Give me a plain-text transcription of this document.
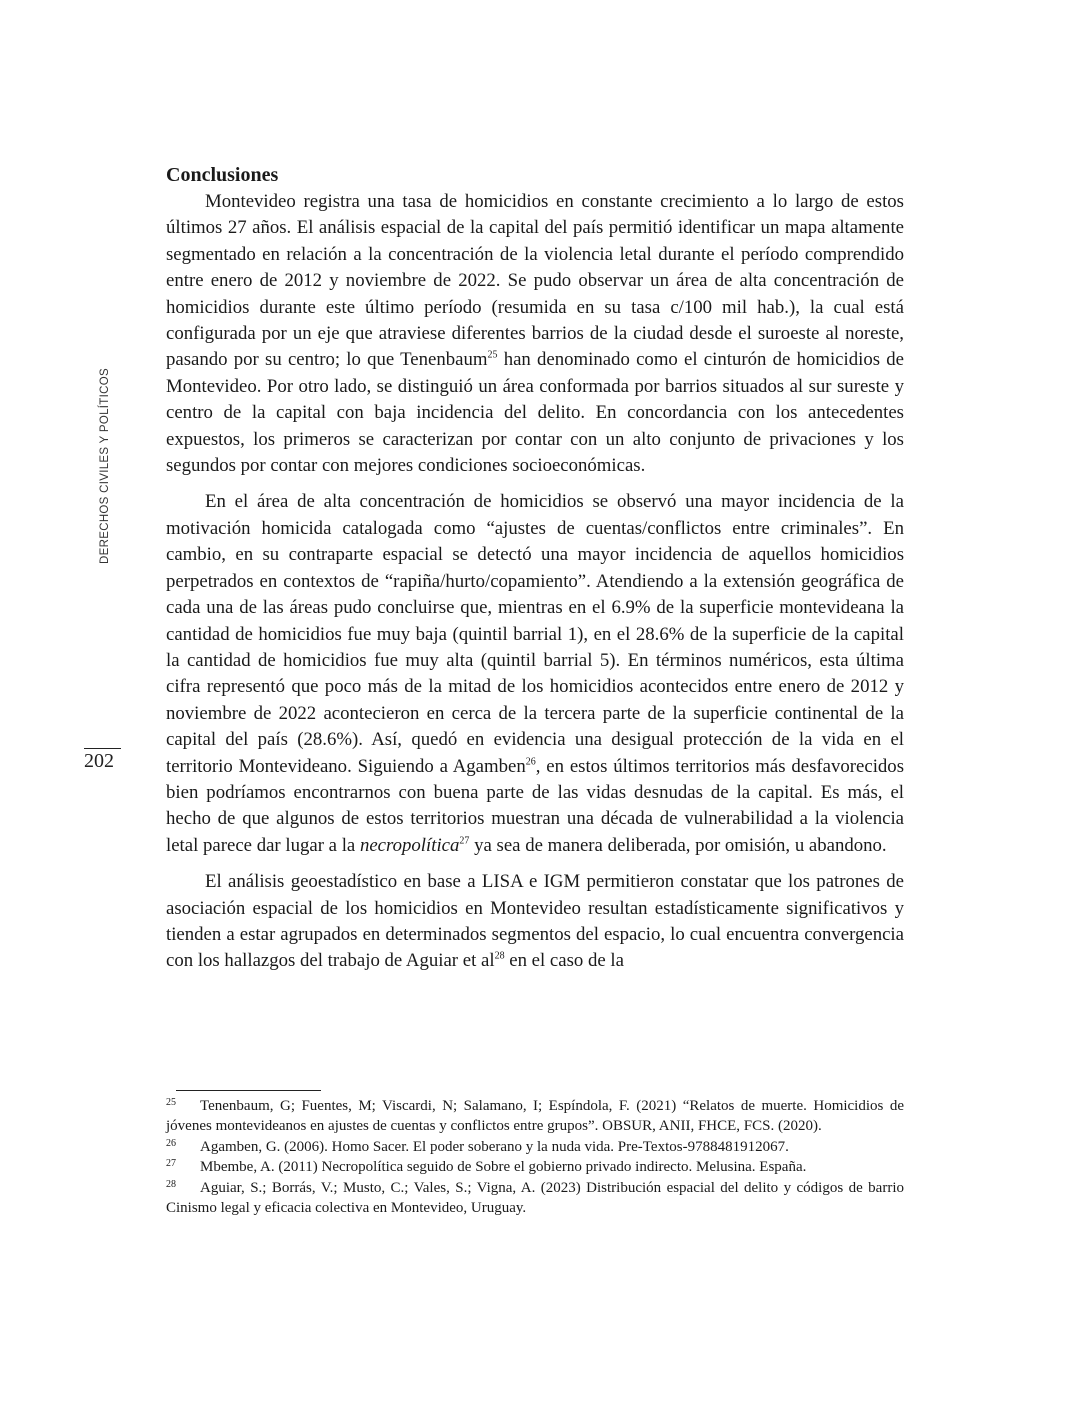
DERECHOS CIVILES Y POLÍTICOS
202
Conclusiones

Montevideo registra una tasa de homicidios en constante crecimiento a lo largo de estos últimos 27 años. El análisis espacial de la capital del país permitió identificar un mapa altamente segmentado en relación a la concentración de la violencia letal durante el período comprendido entre enero de 2012 y noviembre de 2022. Se pudo observar un área de alta concentración de homicidios durante este último período (resumida en su tasa c/100 mil hab.), la cual está configurada por un eje que atraviese diferentes barrios de la ciudad desde el suroeste al noreste, pasando por su centro; lo que Tenenbaum$^{25}$ han denominado como el cinturón de homicidios de Montevideo. Por otro lado, se distinguió un área conformada por barrios situados al sur sureste y centro de la capital con baja incidencia del delito. En concordancia con los antecedentes expuestos, los primeros se caracterizan por contar con un alto conjunto de privaciones y los segundos por contar con mejores condiciones socioeconómicas.

En el área de alta concentración de homicidios se observó una mayor incidencia de la motivación homicida catalogada como “ajustes de cuentas/conflictos entre criminales”. En cambio, en su contraparte espacial se detectó una mayor incidencia de aquellos homicidios perpetrados en contextos de “rapiña/hurto/copamiento”. Atendiendo a la extensión geográfica de cada una de las áreas pudo concluirse que, mientras en el 6.9% de la superficie montevideana la cantidad de homicidios fue muy baja (quintil barrial 1), en el 28.6% de la superficie de la capital la cantidad de homicidios fue muy alta (quintil barrial 5). En términos numéricos, esta última cifra representó que poco más de la mitad de los homicidios acontecidos entre enero de 2012 y noviembre de 2022 acontecieron en cerca de la tercera parte de la superficie continental de la capital del país (28.6%). Así, quedó en evidencia una desigual protección de la vida en el territorio Montevideano. Siguiendo a Agamben$^{26}$, en estos últimos territorios más desfavorecidos bien podríamos encontrarnos con buena parte de las vidas desnudas de la capital. Es más, el hecho de que algunos de estos territorios muestran una década de vulnerabilidad a la violencia letal parece dar lugar a la necropolítica$^{27}$ ya sea de manera deliberada, por omisión, u abandono.

El análisis geoestadístico en base a LISA e IGM permitieron constatar que los patrones de asociación espacial de los homicidios en Montevideo resultan estadísticamente significativos y tienden a estar agrupados en determinados segmentos del espacio, lo cual encuentra convergencia con los hallazgos del trabajo de Aguiar et $al^{28}$ en el caso de la

25 Tenenbaum, G; Fuentes, M; Viscardi, N; Salamano, I; Espíndola, F. (2021) “Relatos de muerte. Homicidios de jóvenes montevideanos en ajustes de cuentas y conflictos entre grupos”. OBSUR, ANII, FHCE, FCS. (2020).

26 Agamben, G. (2006). Homo Sacer. El poder soberano y la nuda vida. Pre-Textos-9788481912067.

27 Mbembe, A. (2011) Necropolítica seguido de Sobre el gobierno privado indirecto. Melusina. España.

28 Aguiar, S.; Borrás, V.; Musto, C.; Vales, S.; Vigna, A. (2023) Distribución espacial del delito y códigos de barrio Cinismo legal y eficacia colectiva en Montevideo, Uruguay.
